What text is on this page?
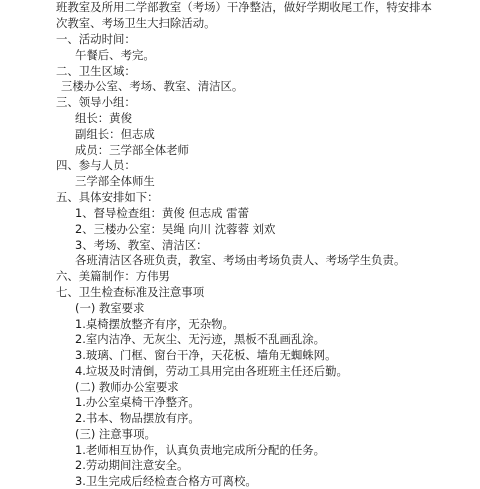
班教室及所用二学部教室（考场）干净整洁，做好学期收尾工作，特安排本
次教室、考场卫生大扫除活动。
一、活动时间：
午餐后、考完。
二、卫生区域：
三楼办公室、考场、教室、清洁区。
三、领导小组：
组长：黄俊
副组长：但志成
成员：三学部全体老师
四、参与人员：
三学部全体师生
五、具体安排如下：
1、督导检查组：黄俊 但志成 雷蕾
2、三楼办公室：吴绳 向川 沈蓉蓉 刘欢
3、考场、教室、清洁区：
各班清洁区各班负责，教室、考场由考场负责人、考场学生负责。
六、美篇制作：方伟男
七、卫生检查标准及注意事项
(一) 教室要求
1.桌椅摆放整齐有序，无杂物。
2.室内洁净、无灰尘、无污迹，黑板不乱画乱涂。
3.玻璃、门框、窗台干净，天花板、墙角无蜘蛛网。
4.垃圾及时清倒，劳动工具用完由各班班主任还后勤。
(二) 教师办公室要求
1.办公室桌椅干净整齐。
2.书本、物品摆放有序。
(三) 注意事项。
1.老师相互协作，认真负责地完成所分配的任务。
2.劳动期间注意安全。
3.卫生完成后经检查合格方可离校。
